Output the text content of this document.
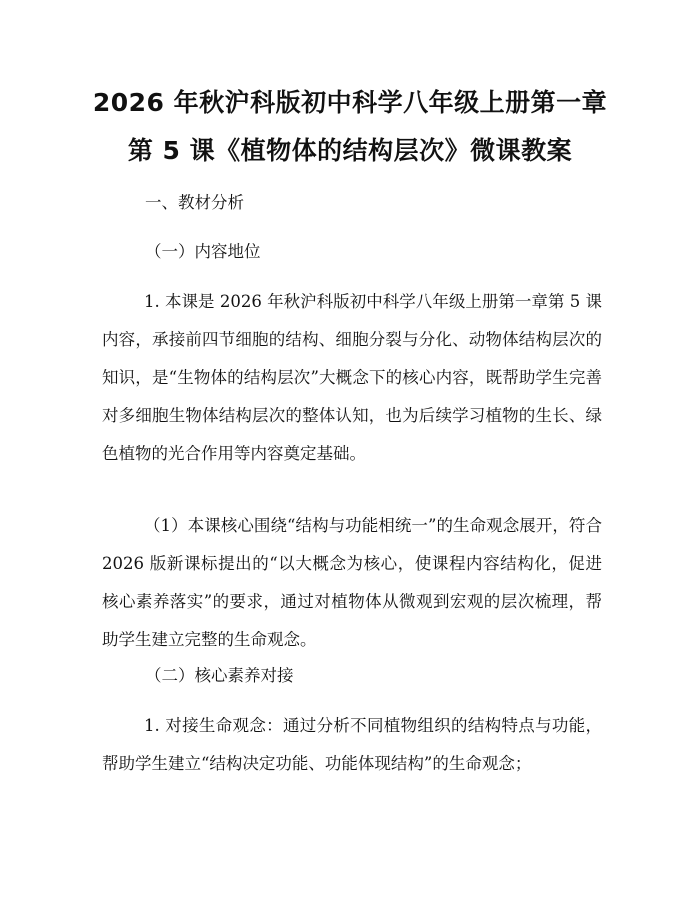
2026 年秋沪科版初中科学八年级上册第一章
第 5 课《植物体的结构层次》微课教案
一、教材分析
（一）内容地位

1. 本课是 2026 年秋沪科版初中科学八年级上册第一章第 5 课内容，承接前四节细胞的结构、细胞分裂与分化、动物体结构层次的知识，是“生物体的结构层次”大概念下的核心内容，既帮助学生完善对多细胞生物体结构层次的整体认知，也为后续学习植物的生长、绿色植物的光合作用等内容奠定基础。

（1）本课核心围绕“结构与功能相统一”的生命观念展开，符合 2026 版新课标提出的“以大概念为核心，使课程内容结构化，促进核心素养落实”的要求，通过对植物体从微观到宏观的层次梳理，帮助学生建立完整的生命观念。

（二）核心素养对接

1. 对接生命观念：通过分析不同植物组织的结构特点与功能，帮助学生建立“结构决定功能、功能体现结构”的生命观念；
